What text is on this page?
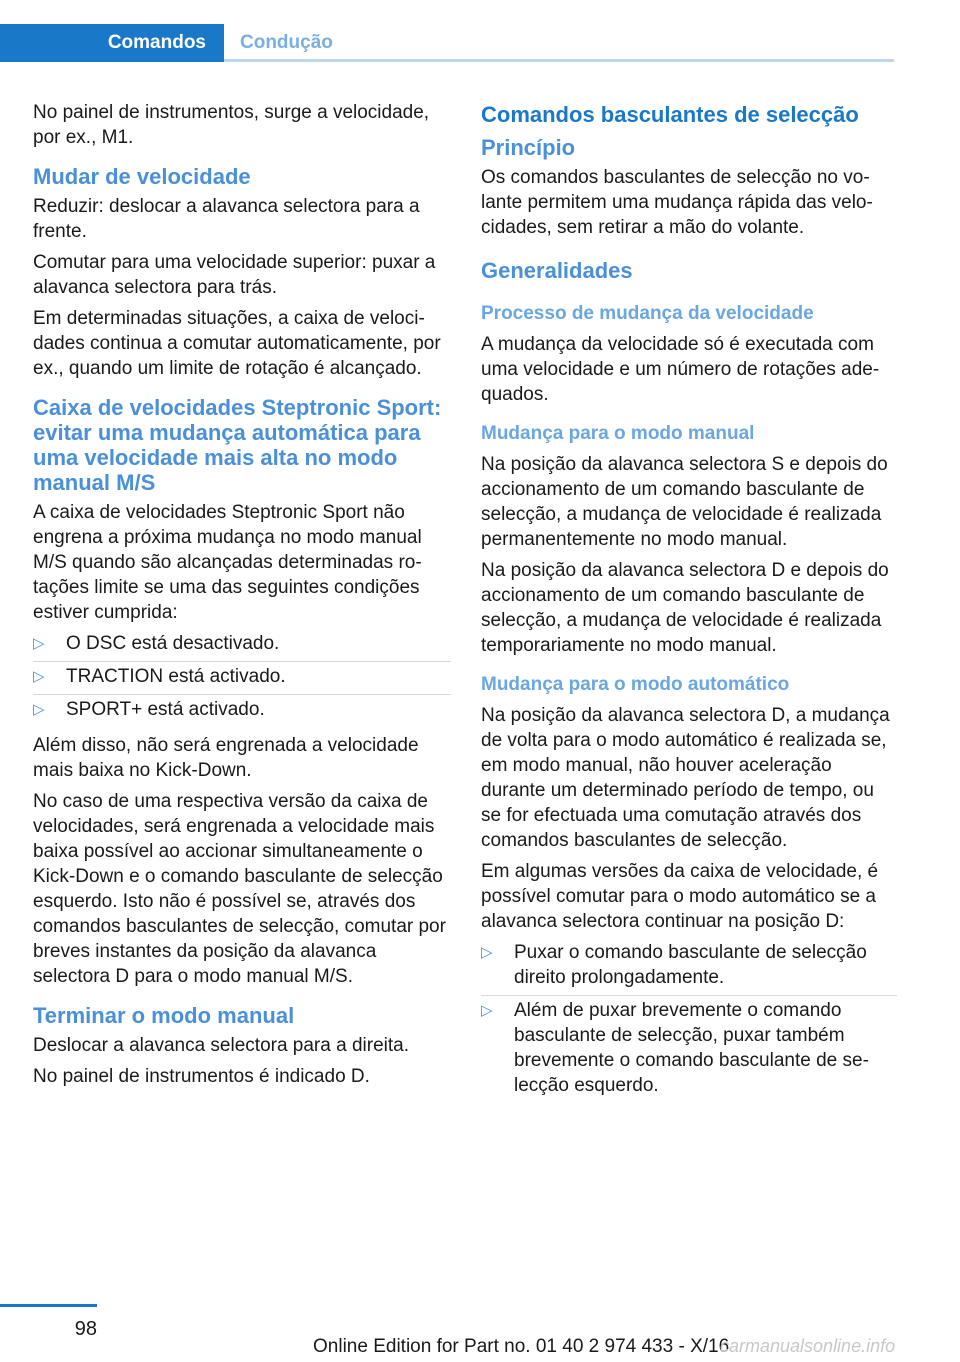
Comandos	Condução

No painel de instrumentos, surge a velocidade, por ex., M1.

Mudar de velocidade

Reduzir: deslocar a alavanca selectora para a frente.

Comutar para uma velocidade superior: puxar a alavanca selectora para trás.

Em determinadas situações, a caixa de velocidades continua a comutar automaticamente, por ex., quando um limite de rotação é alcançado.

Caixa de velocidades Steptronic Sport: evitar uma mudança automática para uma velocidade mais alta no modo manual M/S

A caixa de velocidades Steptronic Sport não engrena a próxima mudança no modo manual M/S quando são alcançadas determinadas rotações limite se uma das seguintes condições estiver cumprida:

▷ O DSC está desactivado.
▷ TRACTION está activado.
▷ SPORT+ está activado.

Além disso, não será engrenada a velocidade mais baixa no Kick-Down.

No caso de uma respectiva versão da caixa de velocidades, será engrenada a velocidade mais baixa possível ao accionar simultaneamente o Kick-Down e o comando basculante de selecção esquerdo. Isto não é possível se, através dos comandos basculantes de selecção, comutar por breves instantes da posição da alavanca selectora D para o modo manual M/S.

Terminar o modo manual

Deslocar a alavanca selectora para a direita.

No painel de instrumentos é indicado D.

Comandos basculantes de selecção
Princípio

Os comandos basculantes de selecção no volante permitem uma mudança rápida das velocidades, sem retirar a mão do volante.

Generalidades
Processo de mudança da velocidade

A mudança da velocidade só é executada com uma velocidade e um número de rotações adequados.

Mudança para o modo manual

Na posição da alavanca selectora S e depois do accionamento de um comando basculante de selecção, a mudança de velocidade é realizada permanentemente no modo manual.

Na posição da alavanca selectora D e depois do accionamento de um comando basculante de selecção, a mudança de velocidade é realizada temporariamente no modo manual.

Mudança para o modo automático

Na posição da alavanca selectora D, a mudança de volta para o modo automático é realizada se, em modo manual, não houver aceleração durante um determinado período de tempo, ou se for efectuada uma comutação através dos comandos basculantes de selecção.

Em algumas versões da caixa de velocidade, é possível comutar para o modo automático se a alavanca selectora continuar na posição D:

▷ Puxar o comando basculante de selecção direito prolongadamente.
▷ Além de puxar brevemente o comando basculante de selecção, puxar também brevemente o comando basculante de selecção esquerdo.
98
Online Edition for Part no. 01 40 2 974 433 - X/16
carmanualsonline.info
